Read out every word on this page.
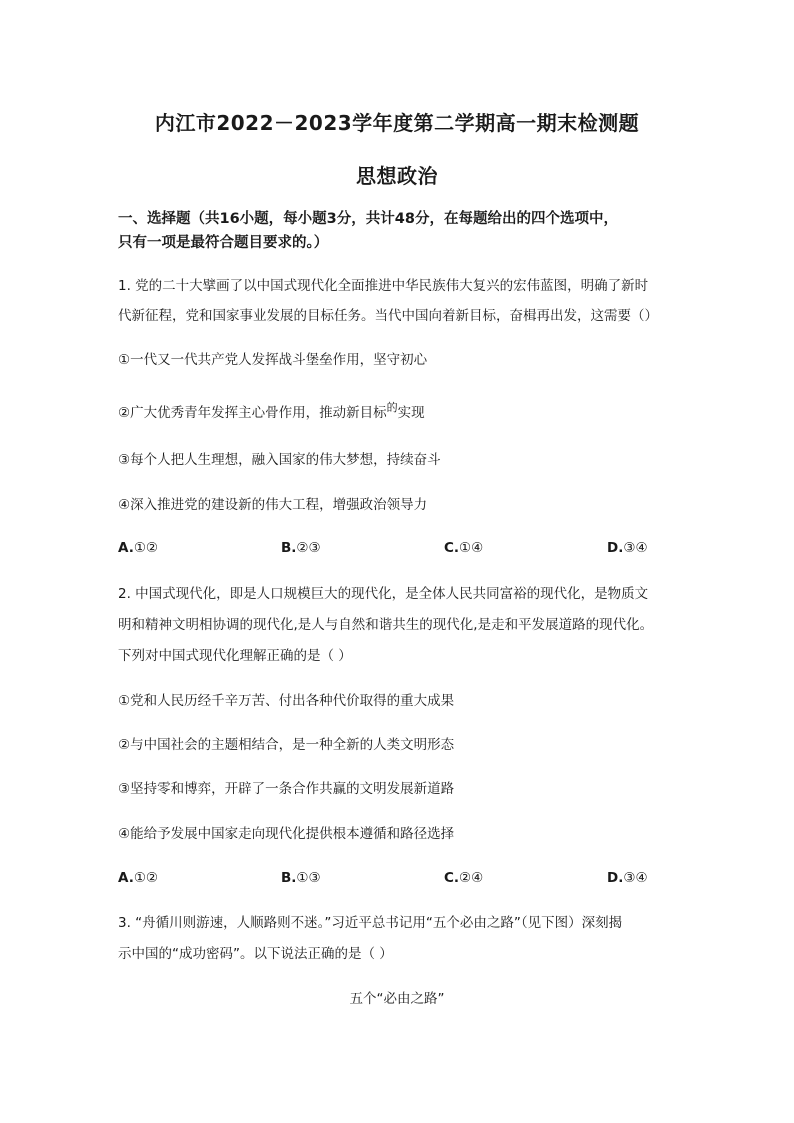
内江市2022－2023学年度第二学期高一期末检测题
思想政治
一、选择题（共16小题，每小题3分，共计48分，在每题给出的四个选项中，
只有一项是最符合题目要求的。）
1. 党的二十大擘画了以中国式现代化全面推进中华民族伟大复兴的宏伟蓝图，明确了新时
代新征程，党和国家事业发展的目标任务。当代中国向着新目标，奋楫再出发，这需要（）
①一代又一代共产党人发挥战斗堡垒作用，坚守初心
②广大优秀青年发挥主心骨作用，推动新目标$^的$实现
③每个人把人生理想，融入国家的伟大梦想，持续奋斗
④深入推进党的建设新的伟大工程，增强政治领导力
A.①②	B.②③	C.①④	D.③④
2. 中国式现代化，即是人口规模巨大的现代化，是全体人民共同富裕的现代化，是物质文
明和精神文明相协调的现代化,是人与自然和谐共生的现代化,是走和平发展道路的现代化。
下列对中国式现代化理解正确的是（ ）
①党和人民历经千辛万苦、付出各种代价取得的重大成果
②与中国社会的主题相结合，是一种全新的人类文明形态
③坚持零和博弈，开辟了一条合作共赢的文明发展新道路
④能给予发展中国家走向现代化提供根本遵循和路径选择
A.①②	B.①③	C.②④	D.③④
3. “舟循川则游速，人顺路则不迷。”习近平总书记用“五个必由之路”（见下图）深刻揭
示中国的“成功密码”。以下说法正确的是（ ）
五个“必由之路”
